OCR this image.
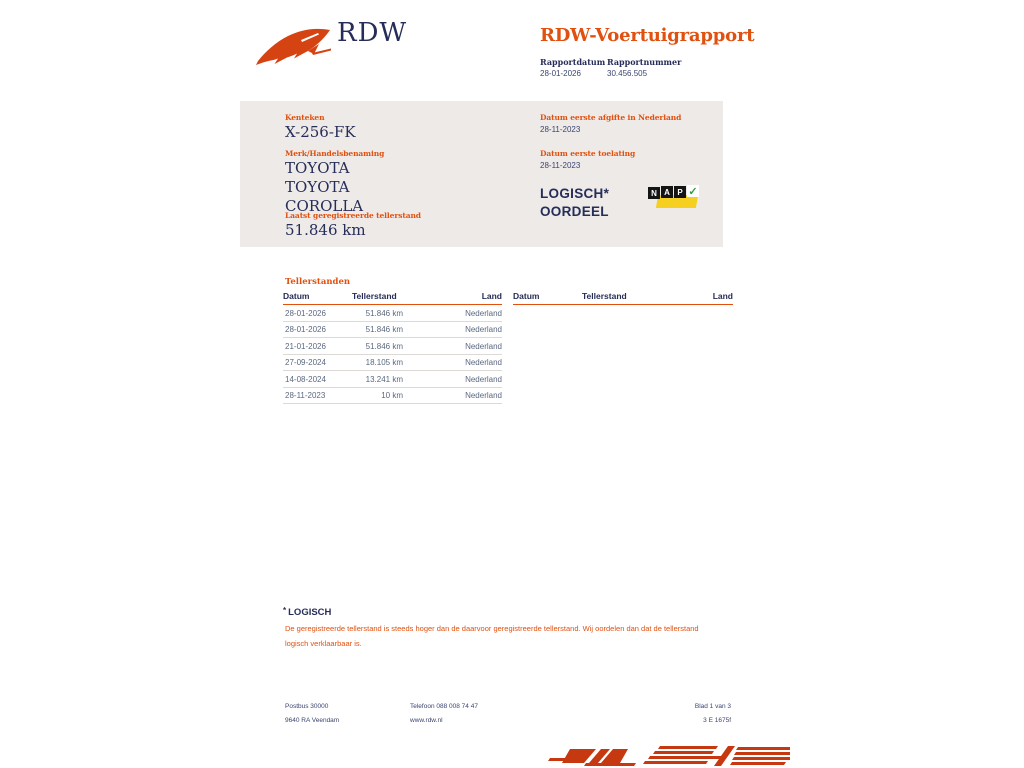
RDW	RDW-Voertuigrapport
Rapportdatum Rapportnummer
28-01-2026	30.456.505
Kenteken
X-256-FK
Merk/Handelsbenaming
TOYOTA TOYOTA COROLLA
Laatst geregistreerde tellerstand
51.846 km
Datum eerste afgifte in Nederland
28-11-2023
Datum eerste toelating
28-11-2023
LOGISCH*
OORDEEL
N A P ✓
Tellerstanden
Datum	Tellerstand	Land
28-01-2026	51.846 km	Nederland
28-01-2026	51.846 km	Nederland
21-01-2026	51.846 km	Nederland
27-09-2024	18.105 km	Nederland
14-08-2024	13.241 km	Nederland
28-11-2023	10 km	Nederland
Datum	Tellerstand	Land
* LOGISCH
De geregistreerde tellerstand is steeds hoger dan de daarvoor geregistreerde tellerstand. Wij oordelen dan dat de tellerstand logisch verklaarbaar is.
Postbus 30000
9640 RA Veendam
Telefoon 088 008 74 47
www.rdw.nl
Blad 1 van 3
3 E 1675f
